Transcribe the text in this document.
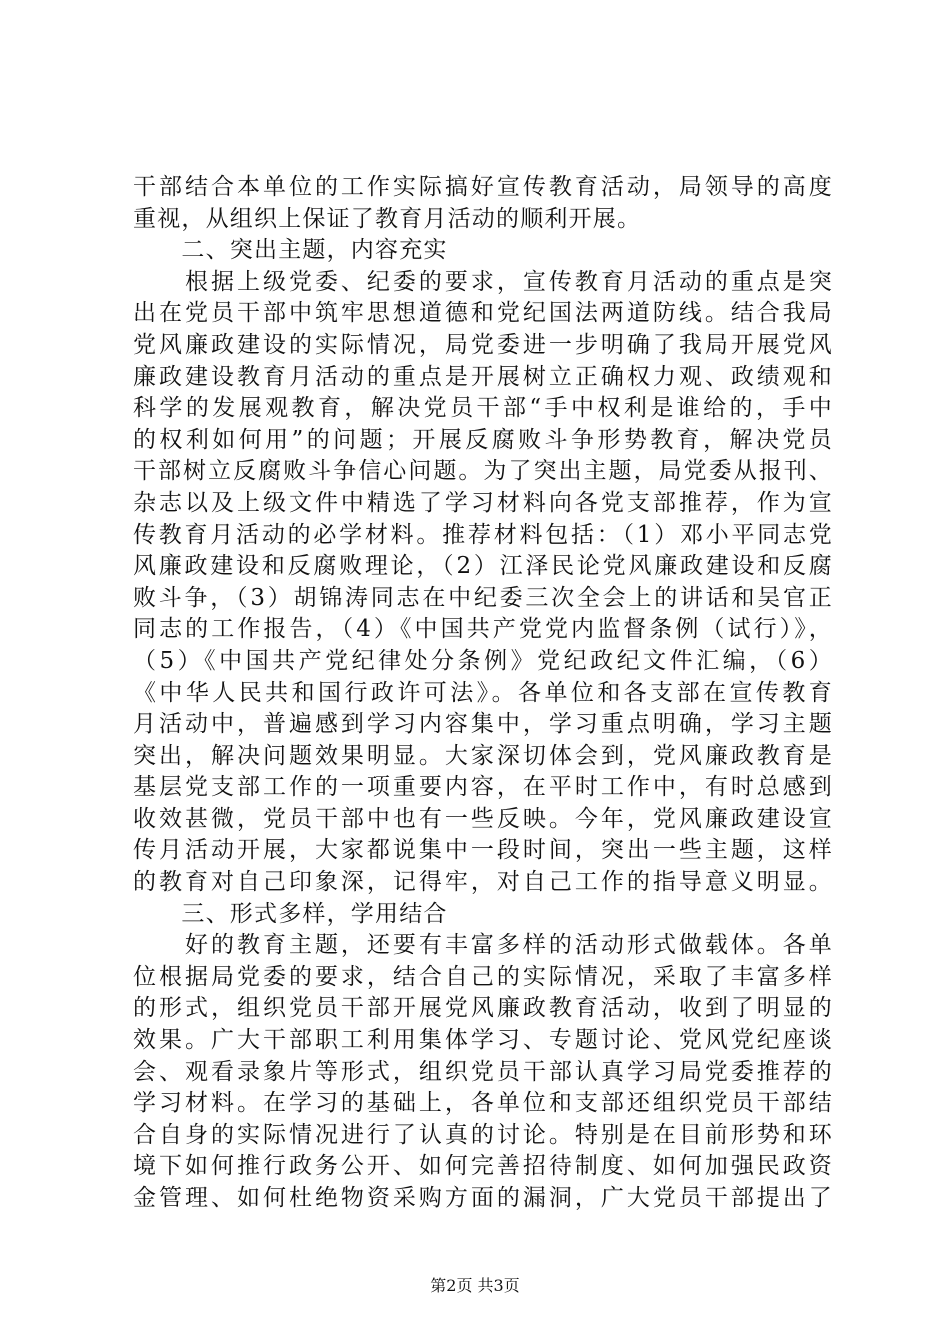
干部结合本单位的工作实际搞好宣传教育活动，局领导的高度
重视，从组织上保证了教育月活动的顺利开展。
　　二、突出主题，内容充实
　　根据上级党委、纪委的要求，宣传教育月活动的重点是突
出在党员干部中筑牢思想道德和党纪国法两道防线。结合我局
党风廉政建设的实际情况，局党委进一步明确了我局开展党风
廉政建设教育月活动的重点是开展树立正确权力观、政绩观和
科学的发展观教育，解决党员干部“手中权利是谁给的，手中
的权利如何用”的问题；开展反腐败斗争形势教育，解决党员
干部树立反腐败斗争信心问题。为了突出主题，局党委从报刊、
杂志以及上级文件中精选了学习材料向各党支部推荐，作为宣
传教育月活动的必学材料。推荐材料包括：（1）邓小平同志党
风廉政建设和反腐败理论，（2）江泽民论党风廉政建设和反腐
败斗争，（3）胡锦涛同志在中纪委三次全会上的讲话和吴官正
同志的工作报告，（4）《中国共产党党内监督条例（试行）》，
（5）《中国共产党纪律处分条例》党纪政纪文件汇编，（6）
《中华人民共和国行政许可法》。各单位和各支部在宣传教育
月活动中，普遍感到学习内容集中，学习重点明确，学习主题
突出，解决问题效果明显。大家深切体会到，党风廉政教育是
基层党支部工作的一项重要内容，在平时工作中，有时总感到
收效甚微，党员干部中也有一些反映。今年，党风廉政建设宣
传月活动开展，大家都说集中一段时间，突出一些主题，这样
的教育对自己印象深，记得牢，对自己工作的指导意义明显。
　　三、形式多样，学用结合
　　好的教育主题，还要有丰富多样的活动形式做载体。各单
位根据局党委的要求，结合自己的实际情况，采取了丰富多样
的形式，组织党员干部开展党风廉政教育活动，收到了明显的
效果。广大干部职工利用集体学习、专题讨论、党风党纪座谈
会、观看录象片等形式，组织党员干部认真学习局党委推荐的
学习材料。在学习的基础上，各单位和支部还组织党员干部结
合自身的实际情况进行了认真的讨论。特别是在目前形势和环
境下如何推行政务公开、如何完善招待制度、如何加强民政资
金管理、如何杜绝物资采购方面的漏洞，广大党员干部提出了
第2页 共3页
